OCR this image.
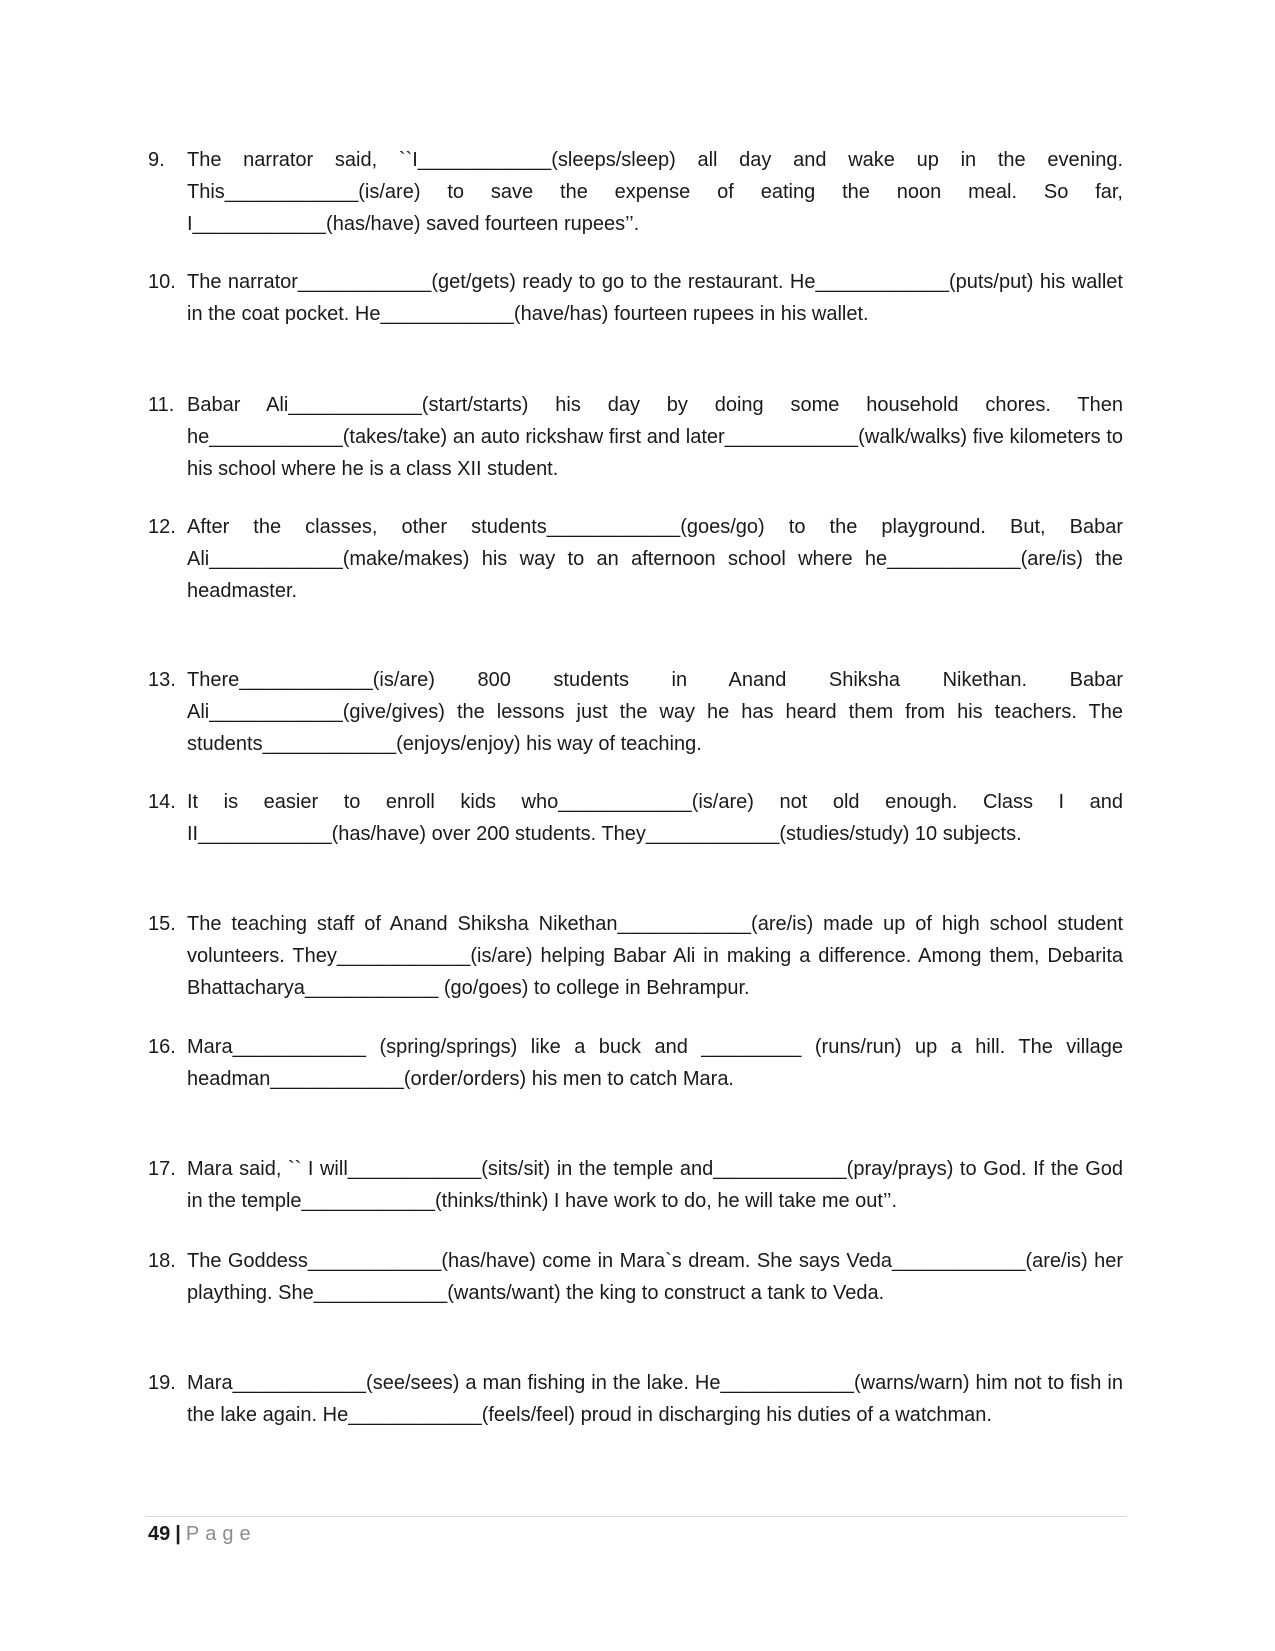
9.	The narrator said, ``I____________(sleeps/sleep) all day and wake up in the evening. This____________(is/are) to save the expense of eating the noon meal. So far, I____________(has/have) saved fourteen rupees’’.
10. The narrator____________(get/gets) ready to go to the restaurant. He____________(puts/put) his wallet in the coat pocket. He____________(have/has) fourteen rupees in his wallet.
11. Babar Ali____________(start/starts) his day by doing some household chores. Then he____________(takes/take) an auto rickshaw first and later____________(walk/walks) five kilometers to his school where he is a class XII student.
12. After the classes, other students____________(goes/go) to the playground. But, Babar Ali____________(make/makes) his way to an afternoon school where he____________(are/is) the headmaster.
13. There____________(is/are) 800 students in Anand Shiksha Nikethan. Babar Ali____________(give/gives) the lessons just the way he has heard them from his teachers. The students____________(enjoys/enjoy) his way of teaching.
14. It is easier to enroll kids who____________(is/are) not old enough. Class I and II____________(has/have) over 200 students. They____________(studies/study) 10 subjects.
15. The teaching staff of Anand Shiksha Nikethan____________(are/is) made up of high school student volunteers. They____________(is/are) helping Babar Ali in making a difference. Among them, Debarita Bhattacharya____________ (go/goes) to college in Behrampur.
16. Mara____________ (spring/springs) like a buck and _________ (runs/run) up a hill. The village headman____________(order/orders) his men to catch Mara.
17. Mara said, `` I will____________(sits/sit) in the temple and____________(pray/prays) to God. If the God in the temple____________(thinks/think) I have work to do, he will take me out’’.
18. The Goddess____________(has/have) come in Mara`s dream. She says Veda____________(are/is) her plaything. She____________(wants/want) the king to construct a tank to Veda.
19. Mara____________(see/sees) a man fishing in the lake. He____________(warns/warn) him not to fish in the lake again. He____________(feels/feel) proud in discharging his duties of a watchman.
49 | Page
